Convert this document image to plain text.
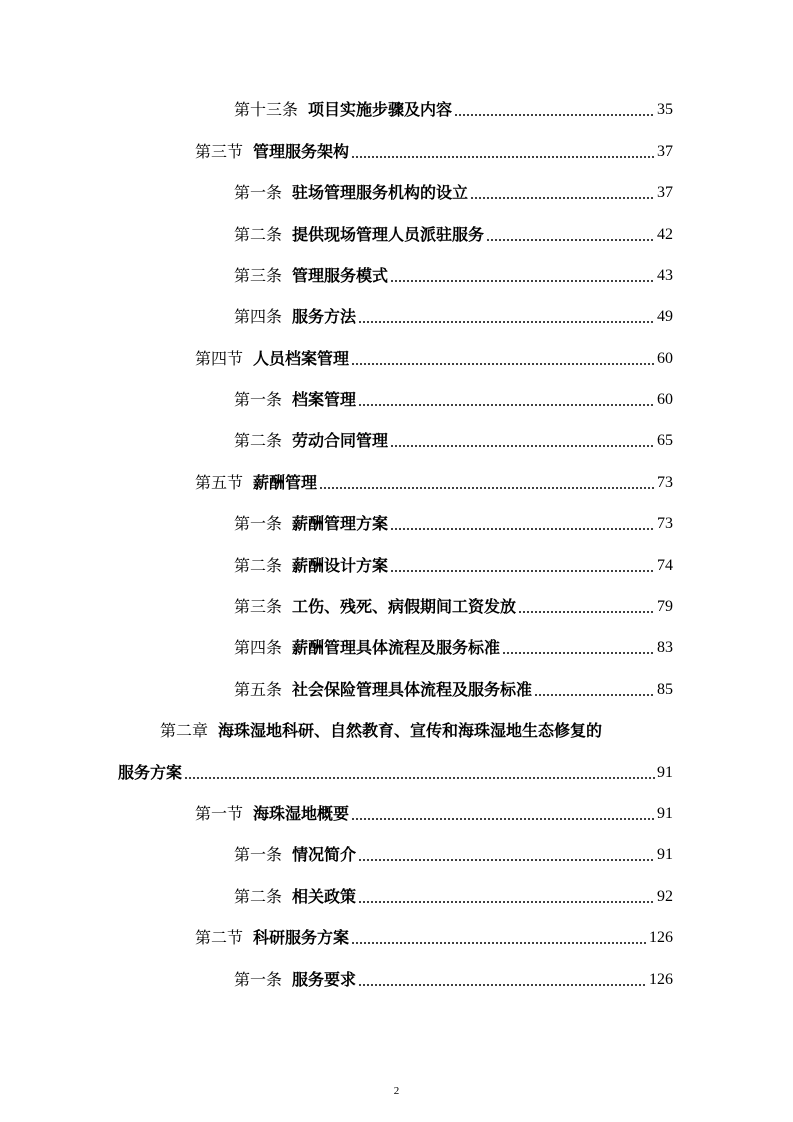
第十三条 项目实施步骤及内容	35
第三节 管理服务架构	37
第一条 驻场管理服务机构的设立	37
第二条 提供现场管理人员派驻服务	42
第三条 管理服务模式	43
第四条 服务方法	49
第四节 人员档案管理	60
第一条 档案管理	60
第二条 劳动合同管理	65
第五节 薪酬管理	73
第一条 薪酬管理方案	73
第二条 薪酬设计方案	74
第三条 工伤、残死、病假期间工资发放	79
第四条 薪酬管理具体流程及服务标准	83
第五条 社会保险管理具体流程及服务标准	85
第二章 海珠湿地科研、自然教育、宣传和海珠湿地生态修复的
服务方案	91
第一节 海珠湿地概要	91
第一条 情况简介	91
第二条 相关政策	92
第二节 科研服务方案	126
第一条 服务要求	126
2
